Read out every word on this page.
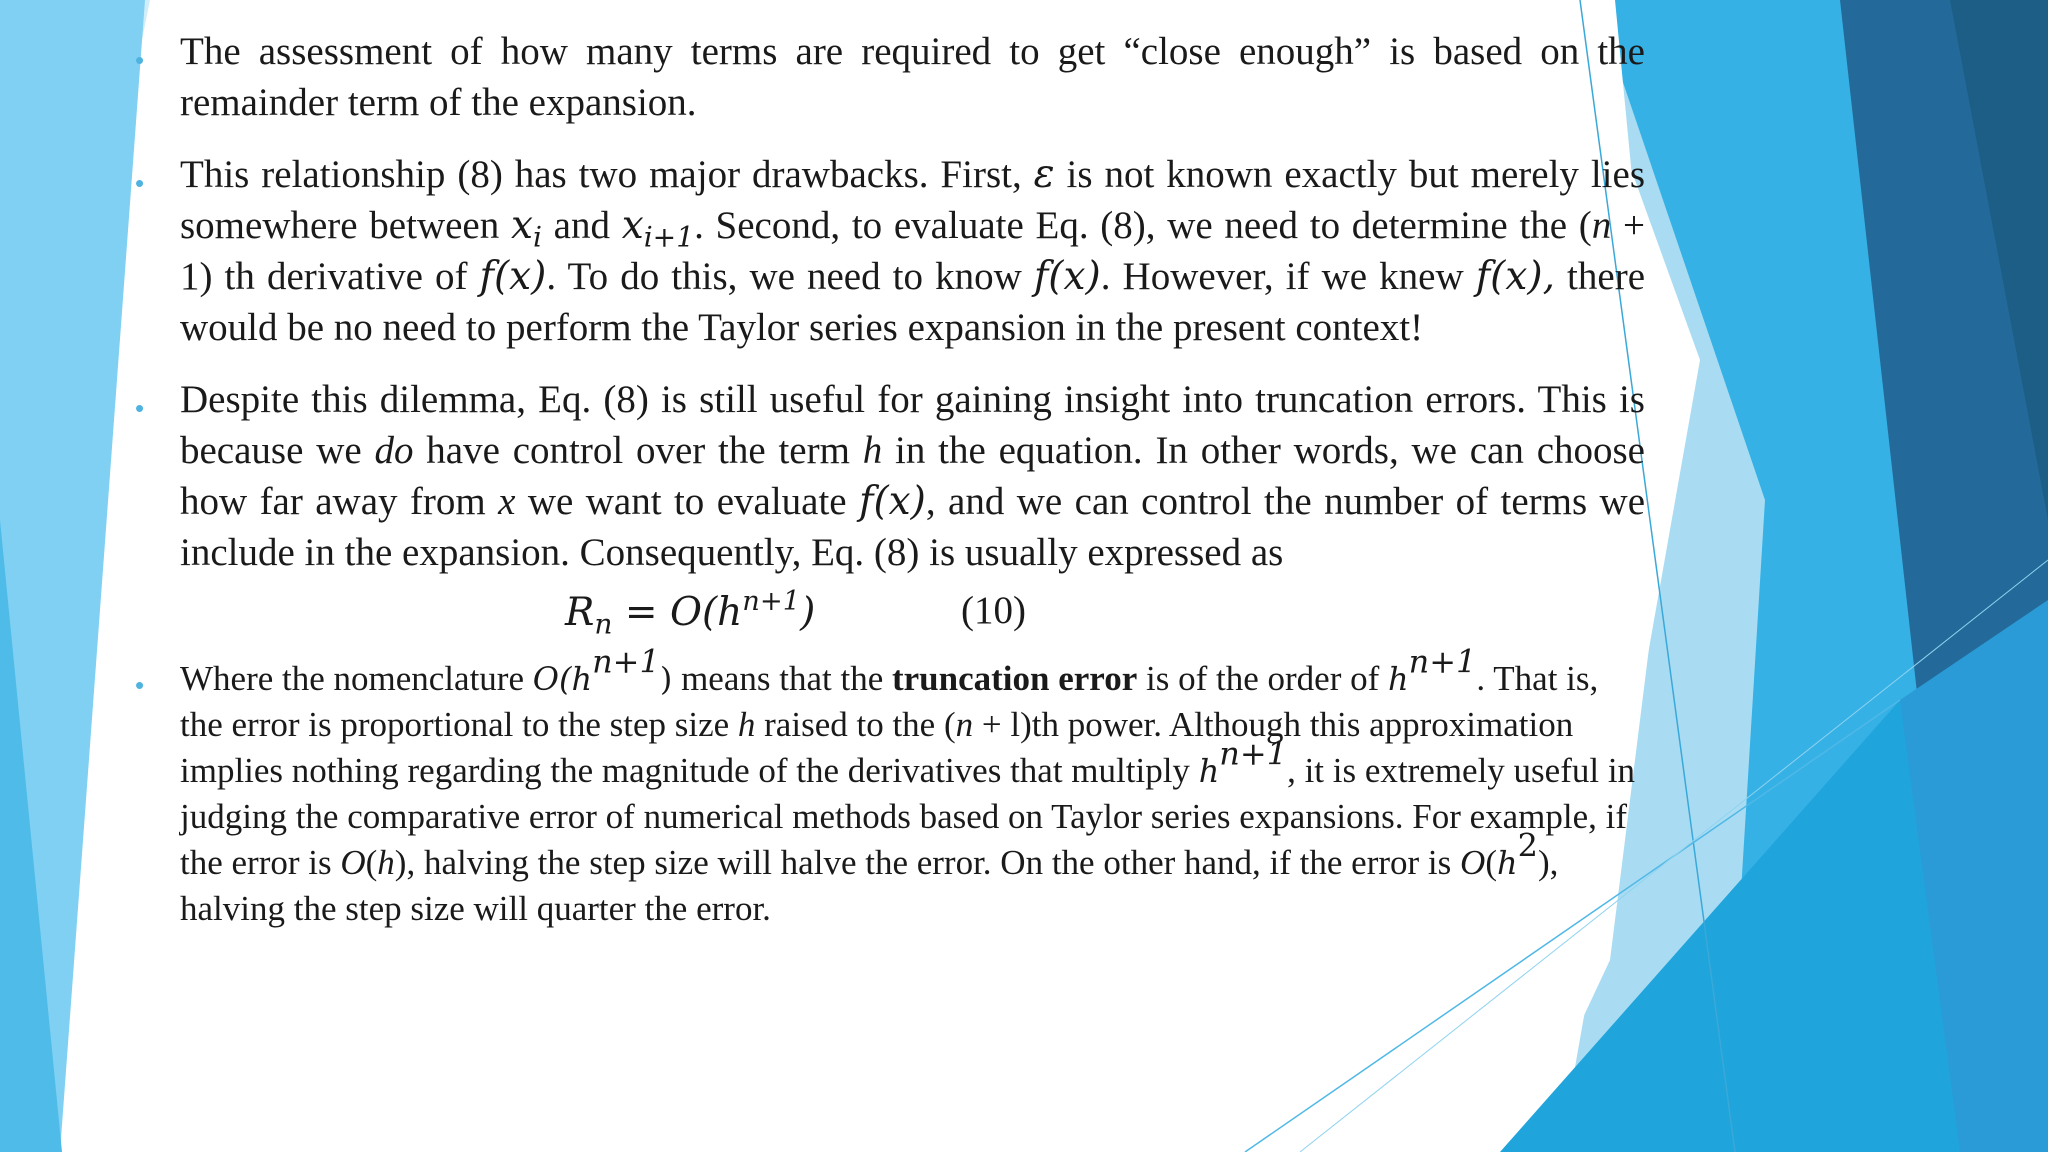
• The assessment of how many terms are required to get “close enough” is based on the remainder term of the expansion.
• This relationship (8) has two major drawbacks. First, ε is not known exactly but merely lies somewhere between $x_i$ and $x_{i+1}$. Second, to evaluate Eq. (8), we need to determine the (n + 1) th derivative of f(x). To do this, we need to know f(x). However, if we knew f(x), there would be no need to perform the Taylor series expansion in the present context!
• Despite this dilemma, Eq. (8) is still useful for gaining insight into truncation errors. This is because we do have control over the term h in the equation. In other words, we can choose how far away from x we want to evaluate f(x), and we can control the number of terms we include in the expansion. Consequently, Eq. (8) is usually expressed as
$R_n = O(h^{n+1})$	(10)
• Where the nomenclature $O(h^{n+1})$ means that the truncation error is of the order of $h^{n+1}$. That is, the error is proportional to the step size h raised to the (n + l)th power. Although this approximation implies nothing regarding the magnitude of the derivatives that multiply $h^{n+1}$, it is extremely useful in judging the comparative error of numerical methods based on Taylor series expansions. For example, if the error is O(h), halving the step size will halve the error. On the other hand, if the error is $O(h^2)$, halving the step size will quarter the error.
